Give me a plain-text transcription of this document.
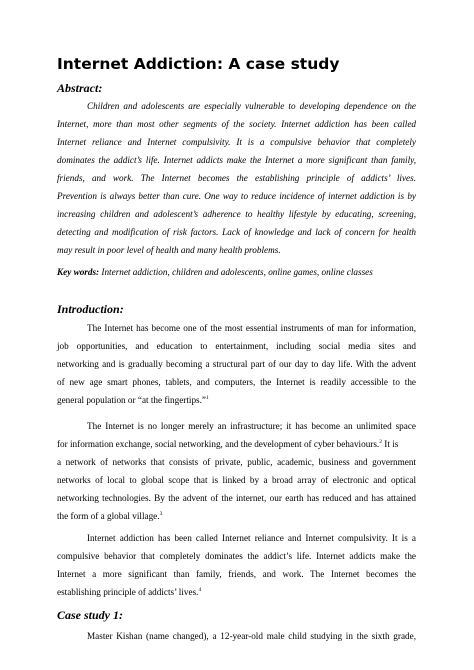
Internet Addiction: A case study
Abstract:
Children and adolescents are especially vulnerable to developing dependence on the
Internet, more than most other segments of the society. Internet addiction has been called
Internet reliance and Internet compulsivity. It is a compulsive behavior that completely
dominates the addict’s life. Internet addicts make the Internet a more significant than family,
friends, and work. The Internet becomes the establishing principle of addicts’ lives.
Prevention is always better than cure. One way to reduce incidence of internet addiction is by
increasing children and adolescent’s adherence to healthy lifestyle by educating, screening,
detecting and modification of risk factors. Lack of knowledge and lack of concern for health
may result in poor level of health and many health problems.
Key words: Internet addiction, children and adolescents, online games, online classes
Introduction:
The Internet has become one of the most essential instruments of man for information,
job opportunities, and education to entertainment, including social media sites and
networking and is gradually becoming a structural part of our day to day life. With the advent
of new age smart phones, tablets, and computers, the Internet is readily accessible to the
general population or “at the fingertips.”$^1$
The Internet is no longer merely an infrastructure; it has become an unlimited space
for information exchange, social networking, and the development of cyber behaviours.$^2$ It is
a network of networks that consists of private, public, academic, business and government
networks of local to global scope that is linked by a broad array of electronic and optical
networking technologies. By the advent of the internet, our earth has reduced and has attained
the form of a global village.$^3$
Internet addiction has been called Internet reliance and Internet compulsivity. It is a
compulsive behavior that completely dominates the addict’s life. Internet addicts make the
Internet a more significant than family, friends, and work. The Internet becomes the
establishing principle of addicts’ lives.$^4$
Case study 1:
Master Kishan (name changed), a 12-year-old male child studying in the sixth grade,
